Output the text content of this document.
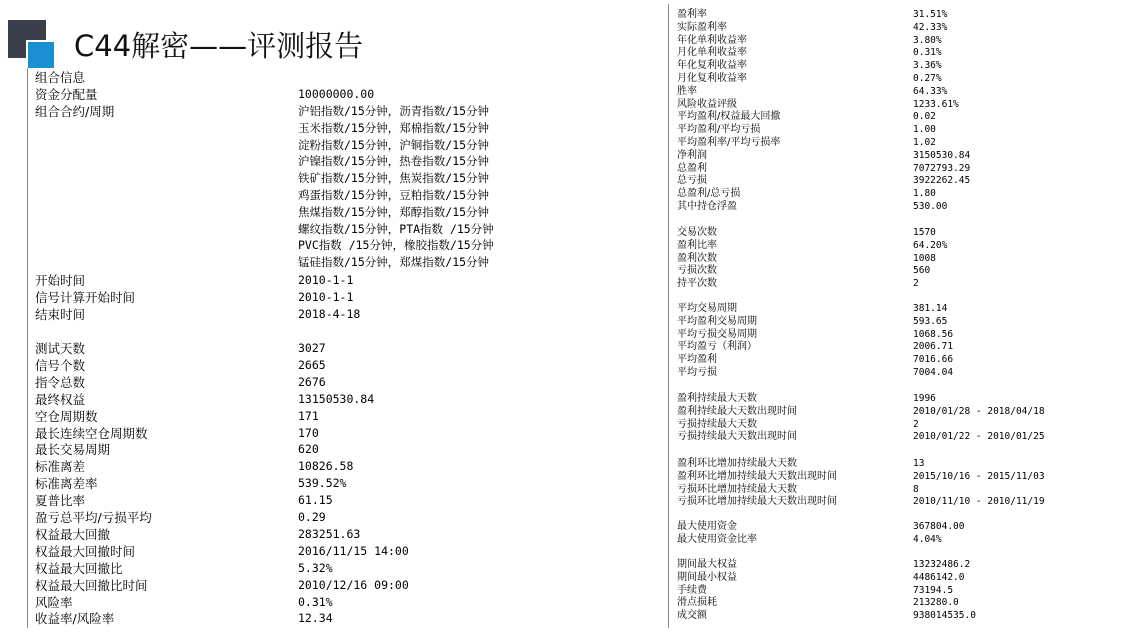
C44解密——评测报告
组合信息
资金分配量	10000000.00
组合合约/周期	沪铝指数/15分钟，沥青指数/15分钟
玉米指数/15分钟，郑棉指数/15分钟
淀粉指数/15分钟，沪铜指数/15分钟
沪镍指数/15分钟，热卷指数/15分钟
铁矿指数/15分钟，焦炭指数/15分钟
鸡蛋指数/15分钟，豆粕指数/15分钟
焦煤指数/15分钟，郑醇指数/15分钟
螺纹指数/15分钟，PTA指数 /15分钟
PVC指数 /15分钟，橡胶指数/15分钟
锰硅指数/15分钟，郑煤指数/15分钟
开始时间	2010-1-1
信号计算开始时间	2010-1-1
结束时间	2018-4-18
测试天数	3027
信号个数	2665
指令总数	2676
最终权益	13150530.84
空仓周期数	171
最长连续空仓周期数	170
最长交易周期	620
标准离差	10826.58
标准离差率	539.52%
夏普比率	61.15
盈亏总平均/亏损平均	0.29
权益最大回撤	283251.63
权益最大回撤时间	2016/11/15 14:00
权益最大回撤比	5.32%
权益最大回撤比时间	2010/12/16 09:00
风险率	0.31%
收益率/风险率	12.34
盈利率	31.51%
实际盈利率	42.33%
年化单利收益率	3.80%
月化单利收益率	0.31%
年化复利收益率	3.36%
月化复利收益率	0.27%
胜率	64.33%
风险收益评级	1233.61%
平均盈利/权益最大回撤	0.02
平均盈利/平均亏损	1.00
平均盈利率/平均亏损率	1.02
净利润	3150530.84
总盈利	7072793.29
总亏损	3922262.45
总盈利/总亏损	1.80
其中持仓浮盈	530.00
交易次数	1570
盈利比率	64.20%
盈利次数	1008
亏损次数	560
持平次数	2
平均交易周期	381.14
平均盈利交易周期	593.65
平均亏损交易周期	1068.56
平均盈亏（利润）	2006.71
平均盈利	7016.66
平均亏损	7004.04
盈利持续最大天数	1996
盈利持续最大天数出现时间	2010/01/28 - 2018/04/18
亏损持续最大天数	2
亏损持续最大天数出现时间	2010/01/22 - 2010/01/25
盈利环比增加持续最大天数	13
盈利环比增加持续最大天数出现时间	2015/10/16 - 2015/11/03
亏损环比增加持续最大天数	8
亏损环比增加持续最大天数出现时间	2010/11/10 - 2010/11/19
最大使用资金	367804.00
最大使用资金比率	4.04%
期间最大权益	13232486.2
期间最小权益	4486142.0
手续费	73194.5
滑点损耗	213280.0
成交额	938014535.0
